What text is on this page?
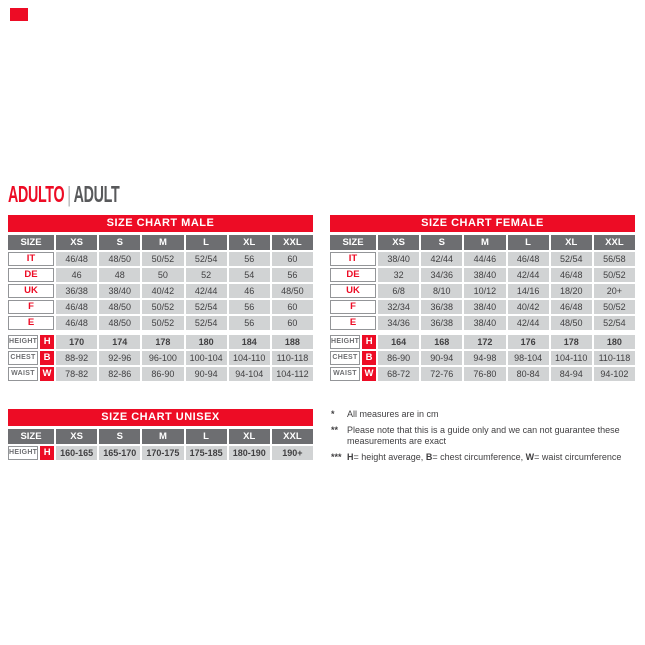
ADULTO | ADULT
SIZE CHART MALE
SIZE	XS	S	M	L	XL	XXL
IT	46/48	48/50	50/52	52/54	56	60
DE	46	48	50	52	54	56
UK	36/38	38/40	40/42	42/44	46	48/50
F	46/48	48/50	50/52	52/54	56	60
E	46/48	48/50	50/52	52/54	56	60
HEIGHT H	170	174	178	180	184	188
CHEST B	88-92	92-96	96-100	100-104	104-110	110-118
WAIST W	78-82	82-86	86-90	90-94	94-104	104-112
SIZE CHART FEMALE
SIZE	XS	S	M	L	XL	XXL
IT	38/40	42/44	44/46	46/48	52/54	56/58
DE	32	34/36	38/40	42/44	46/48	50/52
UK	6/8	8/10	10/12	14/16	18/20	20+
F	32/34	36/38	38/40	40/42	46/48	50/52
E	34/36	36/38	38/40	42/44	48/50	52/54
HEIGHT H	164	168	172	176	178	180
CHEST B	86-90	90-94	94-98	98-104	104-110	110-118
WAIST W	68-72	72-76	76-80	80-84	84-94	94-102
SIZE CHART UNISEX
SIZE	XS	S	M	L	XL	XXL
HEIGHT H	160-165	165-170	170-175	175-185	180-190	190+
*	All measures are in cm
** Please note that this is a guide only and we can not guarantee these measurements are exact
*** H= height average, B= chest circumference, W= waist circumference
